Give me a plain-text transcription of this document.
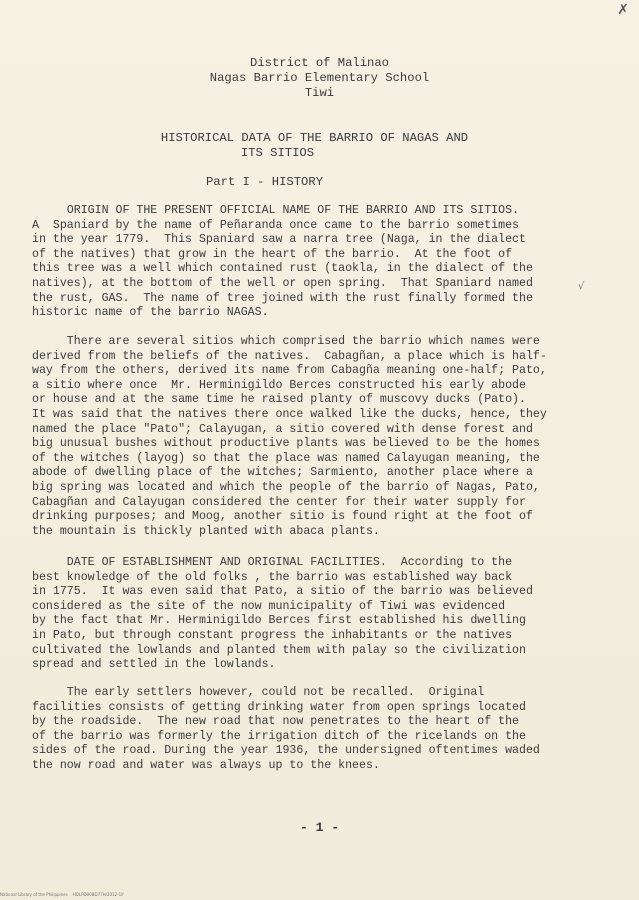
✗
District of Malinao
Nagas Barrio Elementary School
Tiwi
HISTORICAL DATA OF THE BARRIO OF NAGAS AND
ITS SITIOS
Part I - HISTORY

ORIGIN OF THE PRESENT OFFICIAL NAME OF THE BARRIO AND ITS SITIOS.

A  Spaniard by the name of Peñaranda once came to the barrio sometimes

in the year 1779.  This Spaniard saw a narra tree (Naga, in the dialect

of the natives) that grow in the heart of the barrio.  At the foot of

this tree was a well which contained rust (taokla, in the dialect of the

natives), at the bottom of the well or open spring.  That Spaniard named

the rust, GAS.  The name of tree joined with the rust finally formed the

historic name of the barrio NAGAS.

√

There are several sitios which comprised the barrio which names were

derived from the beliefs of the natives.  Cabagñan, a place which is half-

way from the others, derived its name from Cabagña meaning one-half; Pato,

a sitio where once  Mr. Herminigildo Berces constructed his early abode

or house and at the same time he raised planty of muscovy ducks (Pato).

It was said that the natives there once walked like the ducks, hence, they

named the place "Pato"; Calayugan, a sitio covered with dense forest and

big unusual bushes without productive plants was believed to be the homes

of the witches (layog) so that the place was named Calayugan meaning, the

abode of dwelling place of the witches; Sarmiento, another place where a

big spring was located and which the people of the barrio of Nagas, Pato,

Cabagñan and Calayugan considered the center for their water supply for

drinking purposes; and Moog, another sitio is found right at the foot of

the mountain is thickly planted with abaca plants.

DATE OF ESTABLISHMENT AND ORIGINAL FACILITIES.  According to the

best knowledge of the old folks , the barrio was established way back

in 1775.  It was even said that Pato, a sitio of the barrio was believed

considered as the site of the now municipality of Tiwi was evidenced

by the fact that Mr. Herminigildo Berces first established his dwelling

in Pato, but through constant progress the inhabitants or the natives

cultivated the lowlands and planted them with palay so the civilization

spread and settled in the lowlands.

The early settlers however, could not be recalled.  Original

facilities consists of getting drinking water from open springs located

by the roadside.  The new road that now penetrates to the heart of the

of the barrio was formerly the irrigation ditch of the ricelands on the

sides of the road. During the year 1936, the undersigned oftentimes waded

the now road and water was always up to the knees.

- 1 -
National Library of the Philippines    HDLPD00BD77H/2012-1if
